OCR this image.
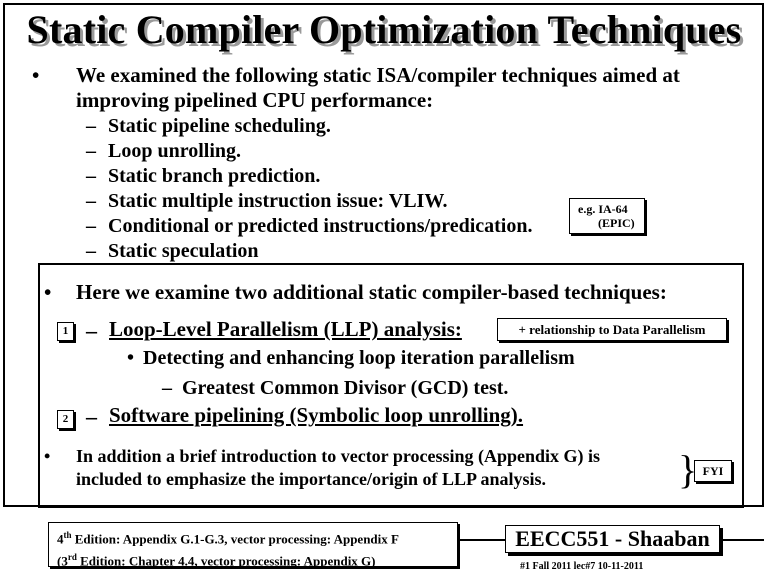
Static Compiler Optimization Techniques
• We examined the following static ISA/compiler techniques aimed at
improving pipelined CPU performance:
– Static pipeline scheduling.
– Loop unrolling.
– Static branch prediction.
– Static multiple instruction issue: VLIW.
– Conditional or predicted instructions/predication.
– Static speculation
e.g. IA-64
(EPIC)
• Here we examine two additional static compiler-based techniques:
1 – Loop-Level Parallelism (LLP) analysis:	+ relationship to Data Parallelism
• Detecting and enhancing loop iteration parallelism
– Greatest Common Divisor (GCD) test.
2 – Software pipelining (Symbolic loop unrolling).
• In addition a brief introduction to vector processing (Appendix G) is
included to emphasize the importance/origin of LLP analysis.	} FYI
4th Edition: Appendix G.1-G.3, vector processing: Appendix F
(3rd Edition: Chapter 4.4, vector processing: Appendix G)
EECC551 - Shaaban
#1 Fall 2011 lec#7 10-11-2011
